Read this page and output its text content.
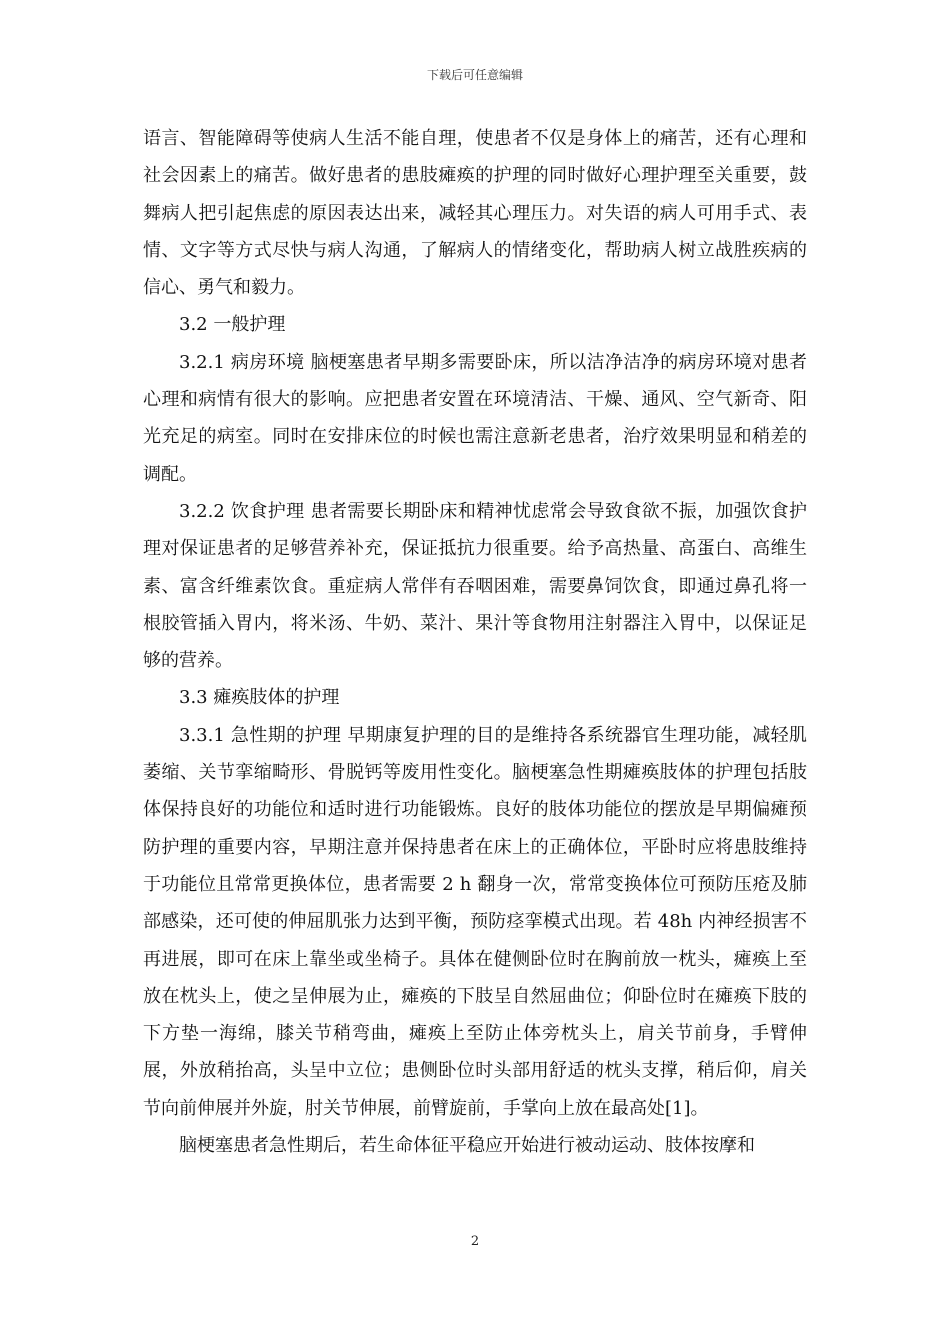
下载后可任意编辑

语言、智能障碍等使病人生活不能自理，使患者不仅是身体上的痛苦，还有心理和社会因素上的痛苦。做好患者的患肢瘫痪的护理的同时做好心理护理至关重要，鼓舞病人把引起焦虑的原因表达出来，减轻其心理压力。对失语的病人可用手式、表情、文字等方式尽快与病人沟通，了解病人的情绪变化，帮助病人树立战胜疾病的信心、勇气和毅力。

3.2 一般护理

3.2.1 病房环境 脑梗塞患者早期多需要卧床，所以洁净洁净的病房环境对患者心理和病情有很大的影响。应把患者安置在环境清洁、干燥、通风、空气新奇、阳光充足的病室。同时在安排床位的时候也需注意新老患者，治疗效果明显和稍差的调配。

3.2.2 饮食护理 患者需要长期卧床和精神忧虑常会导致食欲不振，加强饮食护理对保证患者的足够营养补充，保证抵抗力很重要。给予高热量、高蛋白、高维生素、富含纤维素饮食。重症病人常伴有吞咽困难，需要鼻饲饮食，即通过鼻孔将一根胶管插入胃内，将米汤、牛奶、菜汁、果汁等食物用注射器注入胃中，以保证足够的营养。

3.3 瘫痪肢体的护理

3.3.1 急性期的护理 早期康复护理的目的是维持各系统器官生理功能，减轻肌萎缩、关节挛缩畸形、骨脱钙等废用性变化。脑梗塞急性期瘫痪肢体的护理包括肢体保持良好的功能位和适时进行功能锻炼。良好的肢体功能位的摆放是早期偏瘫预防护理的重要内容，早期注意并保持患者在床上的正确体位，平卧时应将患肢维持于功能位且常常更换体位，患者需要 2 h 翻身一次，常常变换体位可预防压疮及肺部感染，还可使的伸屈肌张力达到平衡，预防痉挛模式出现。若 48h 内神经损害不再进展，即可在床上靠坐或坐椅子。具体在健侧卧位时在胸前放一枕头，瘫痪上至放在枕头上，使之呈伸展为止，瘫痪的下肢呈自然屈曲位；仰卧位时在瘫痪下肢的下方垫一海绵，膝关节稍弯曲，瘫痪上至防止体旁枕头上，肩关节前身，手臂伸展，外放稍抬高，头呈中立位；患侧卧位时头部用舒适的枕头支撑，稍后仰，肩关节向前伸展并外旋，肘关节伸展，前臂旋前，手掌向上放在最高处[1]。

脑梗塞患者急性期后，若生命体征平稳应开始进行被动运动、肢体按摩和

2
